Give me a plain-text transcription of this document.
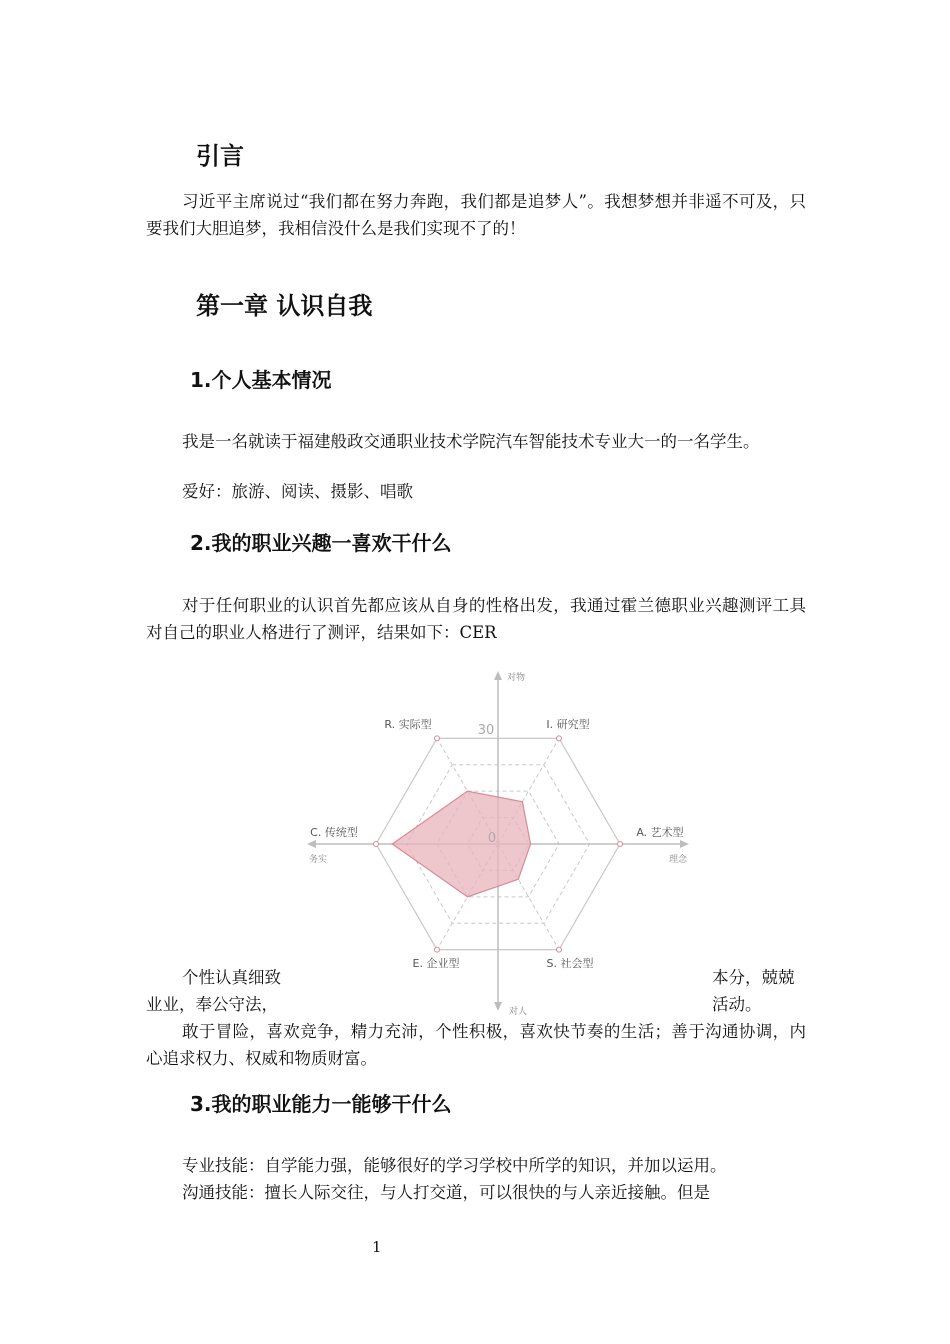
引言

习近平主席说过“我们都在努力奔跑，我们都是追梦人”。我想梦想并非遥不可及，只要我们大胆追梦，我相信没什么是我们实现不了的！

第一章 认识自我
1.个人基本情况

我是一名就读于福建般政交通职业技术学院汽车智能技术专业大一的一名学生。

爱好：旅游、阅读、摄影、唱歌

2.我的职业兴趣一喜欢干什么

对于任何职业的认识首先都应该从自身的性格出发，我通过霍兰德职业兴趣测评工具对自己的职业人格进行了测评，结果如下：CER

个性认真细致	本分，兢兢
业业，奉公守法，	活动。

敢于冒险，喜欢竞争，精力充沛，个性积极，喜欢快节奏的生活；善于沟通协调，内心追求权力、权威和物质财富。

R. 实际型	I. 研究型
A. 艺术型
S. 社会型
E. 企业型
C. 传统型
30
0
对物
对人
务实	理念
3.我的职业能力一能够干什么

专业技能：自学能力强，能够很好的学习学校中所学的知识，并加以运用。

沟通技能：擅长人际交往，与人打交道，可以很快的与人亲近接触。但是

1
